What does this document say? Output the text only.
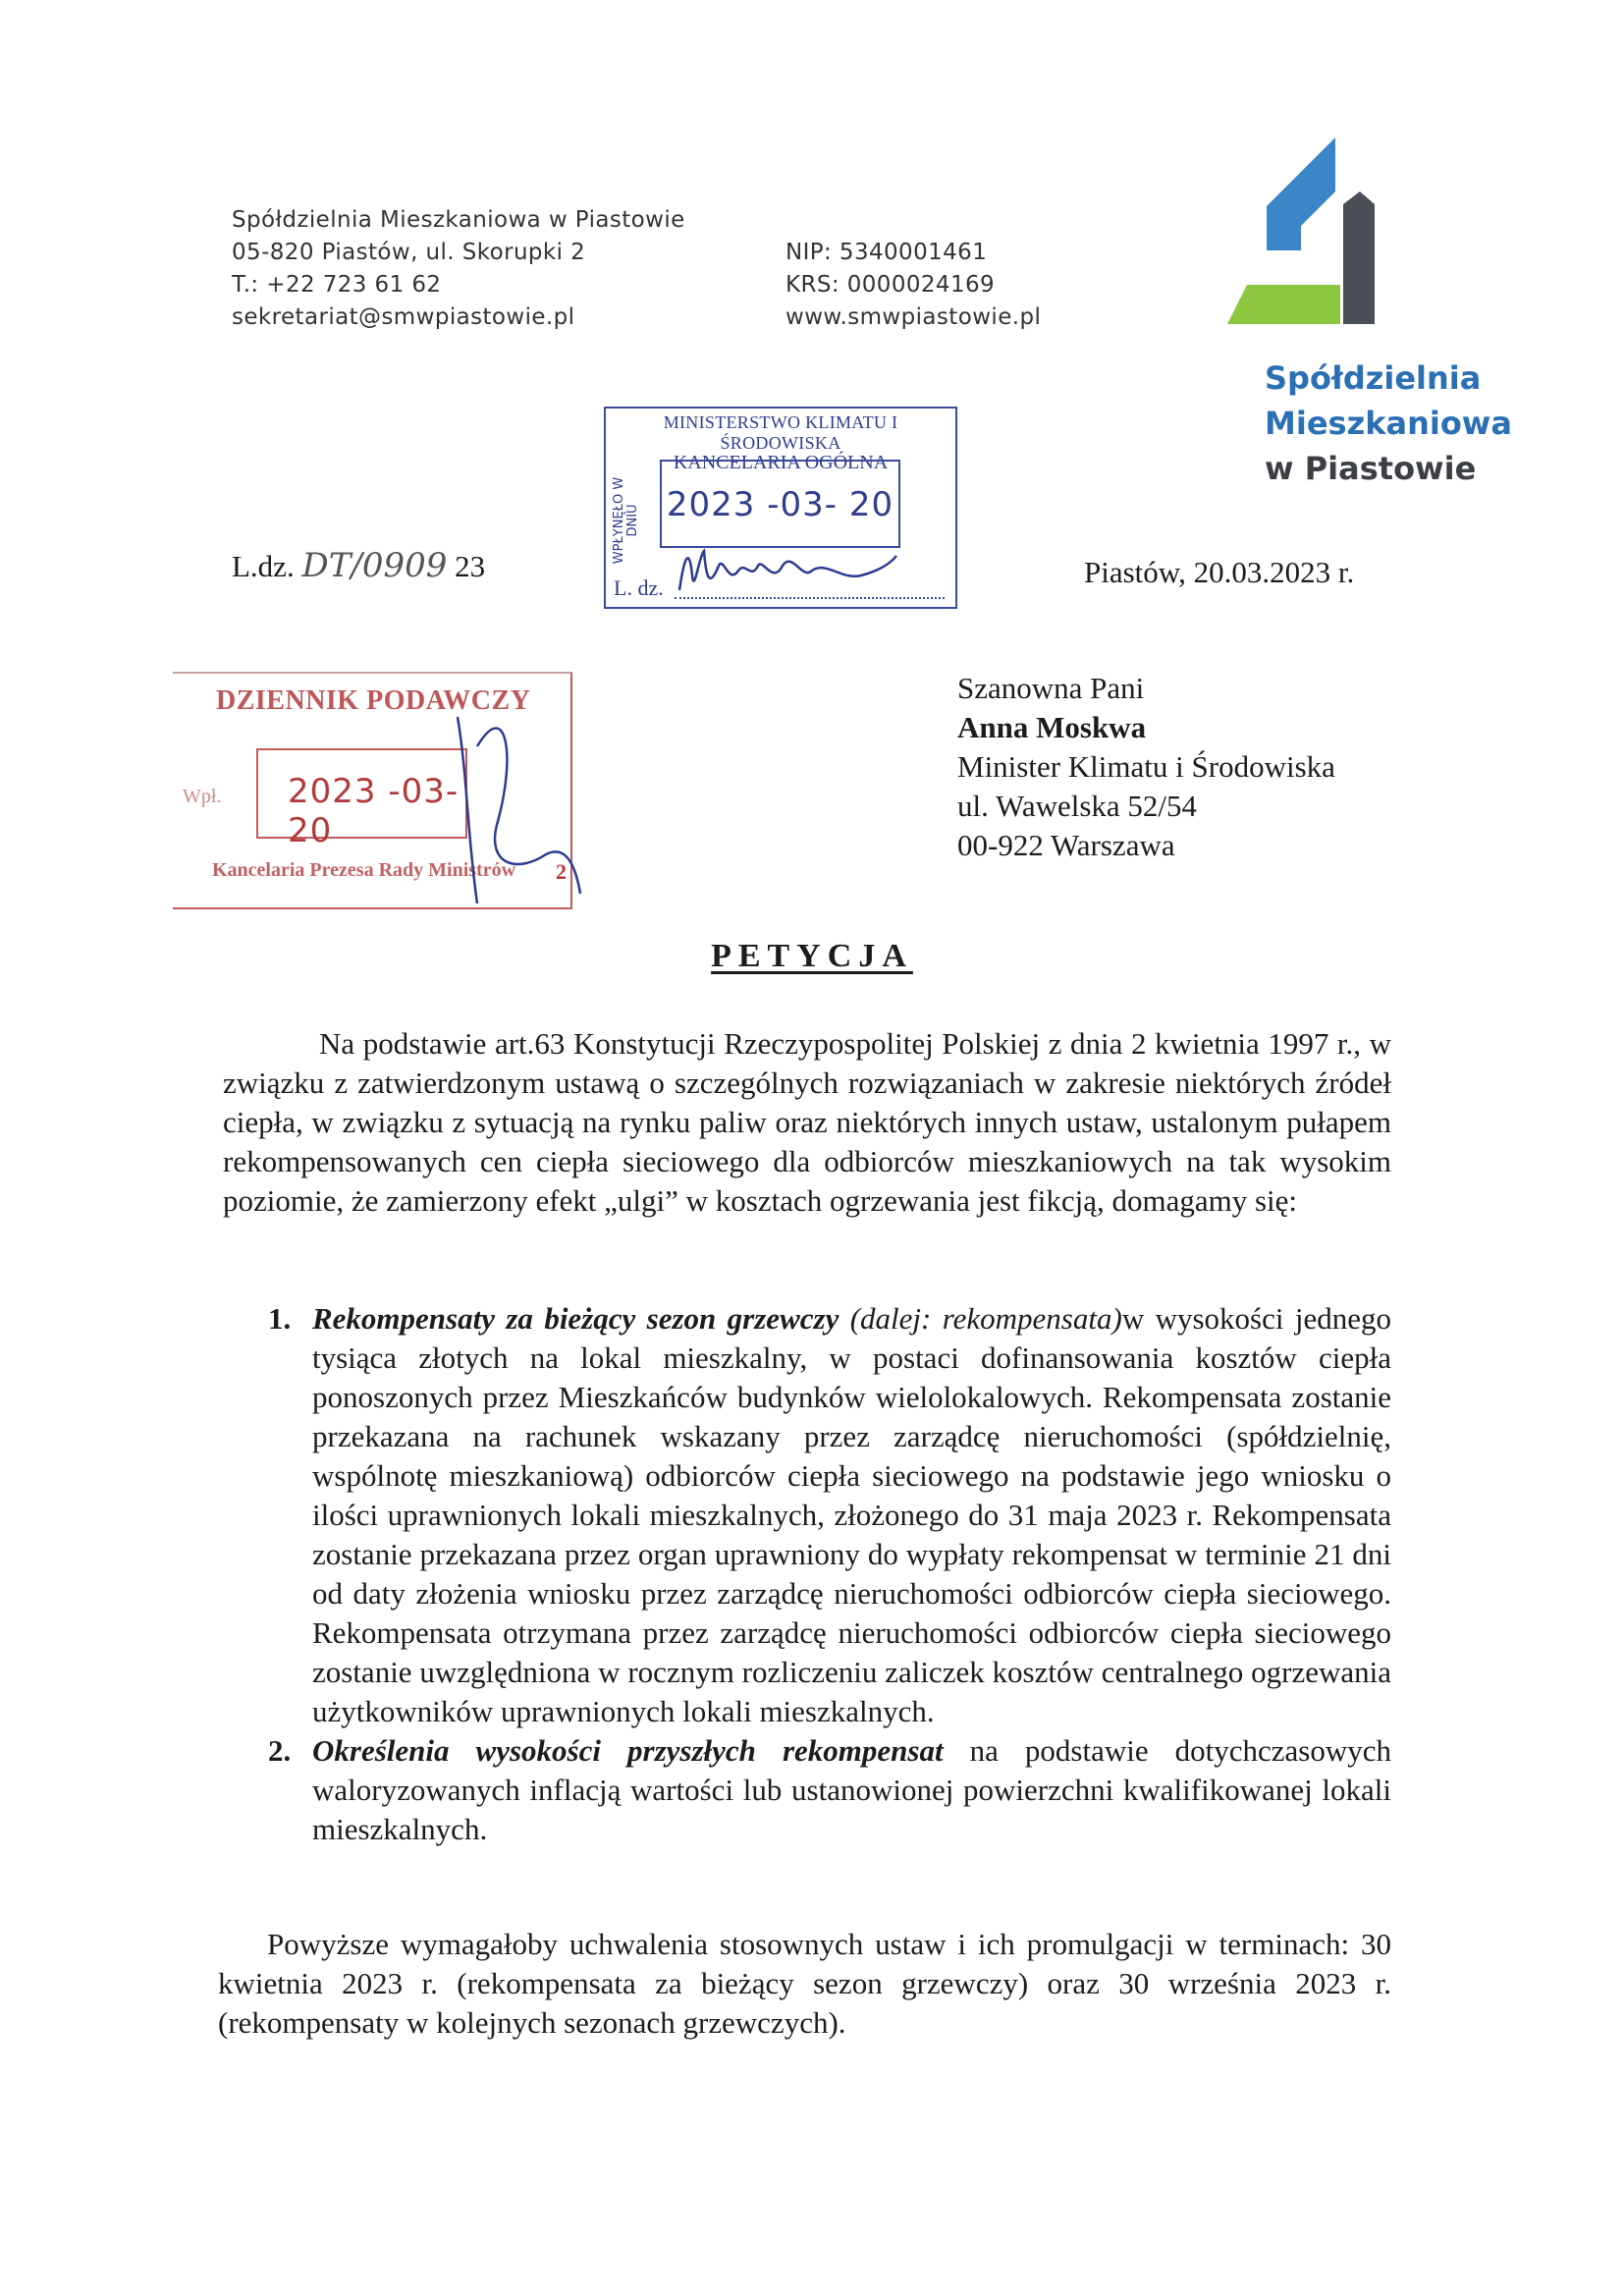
Spółdzielnia Mieszkaniowa w Piastowie
05-820 Piastów, ul. Skorupki 2
T.: +22 723 61 62
sekretariat@smwpiastowie.pl
NIP: 5340001461
KRS: 0000024169
www.smwpiastowie.pl
Spółdzielnia
Mieszkaniowa
w Piastowie
MINISTERSTWO KLIMATU I ŚRODOWISKA
KANCELARIA OGÓLNA
WPŁYNĘŁO W DNIU 2023 -03- 20
L. dz.
L.dz. DT/0909 23	Piastów, 20.03.2023 r.
DZIENNIK PODAWCZY
Wpł. 2023 -03- 20
Kancelaria Prezesa Rady Ministrów 2
Szanowna Pani
Anna Moskwa
Minister Klimatu i Środowiska
ul. Wawelska 52/54
00-922 Warszawa
PETYCJA
Na podstawie art.63 Konstytucji Rzeczypospolitej Polskiej z dnia 2 kwietnia 1997 r., w związku z zatwierdzonym ustawą o szczególnych rozwiązaniach w zakresie niektórych źródeł ciepła, w związku z sytuacją na rynku paliw oraz niektórych innych ustaw, ustalonym pułapem rekompensowanych cen ciepła sieciowego dla odbiorców mieszkaniowych na tak wysokim poziomie, że zamierzony efekt „ulgi” w kosztach ogrzewania jest fikcją, domagamy się:
1. Rekompensaty za bieżący sezon grzewczy (dalej: rekompensata)w wysokości jednego tysiąca złotych na lokal mieszkalny, w postaci dofinansowania kosztów ciepła ponoszonych przez Mieszkańców budynków wielolokalowych. Rekompensata zostanie przekazana na rachunek wskazany przez zarządcę nieruchomości (spółdzielnię, wspólnotę mieszkaniową) odbiorców ciepła sieciowego na podstawie jego wniosku o ilości uprawnionych lokali mieszkalnych, złożonego do 31 maja 2023 r. Rekompensata zostanie przekazana przez organ uprawniony do wypłaty rekompensat w terminie 21 dni od daty złożenia wniosku przez zarządcę nieruchomości odbiorców ciepła sieciowego. Rekompensata otrzymana przez zarządcę nieruchomości odbiorców ciepła sieciowego zostanie uwzględniona w rocznym rozliczeniu zaliczek kosztów centralnego ogrzewania użytkowników uprawnionych lokali mieszkalnych.
2. Określenia wysokości przyszłych rekompensat na podstawie dotychczasowych waloryzowanych inflacją wartości lub ustanowionej powierzchni kwalifikowanej lokali mieszkalnych.
Powyższe wymagałoby uchwalenia stosownych ustaw i ich promulgacji w terminach: 30 kwietnia 2023 r. (rekompensata za bieżący sezon grzewczy) oraz 30 września 2023 r. (rekompensaty w kolejnych sezonach grzewczych).
